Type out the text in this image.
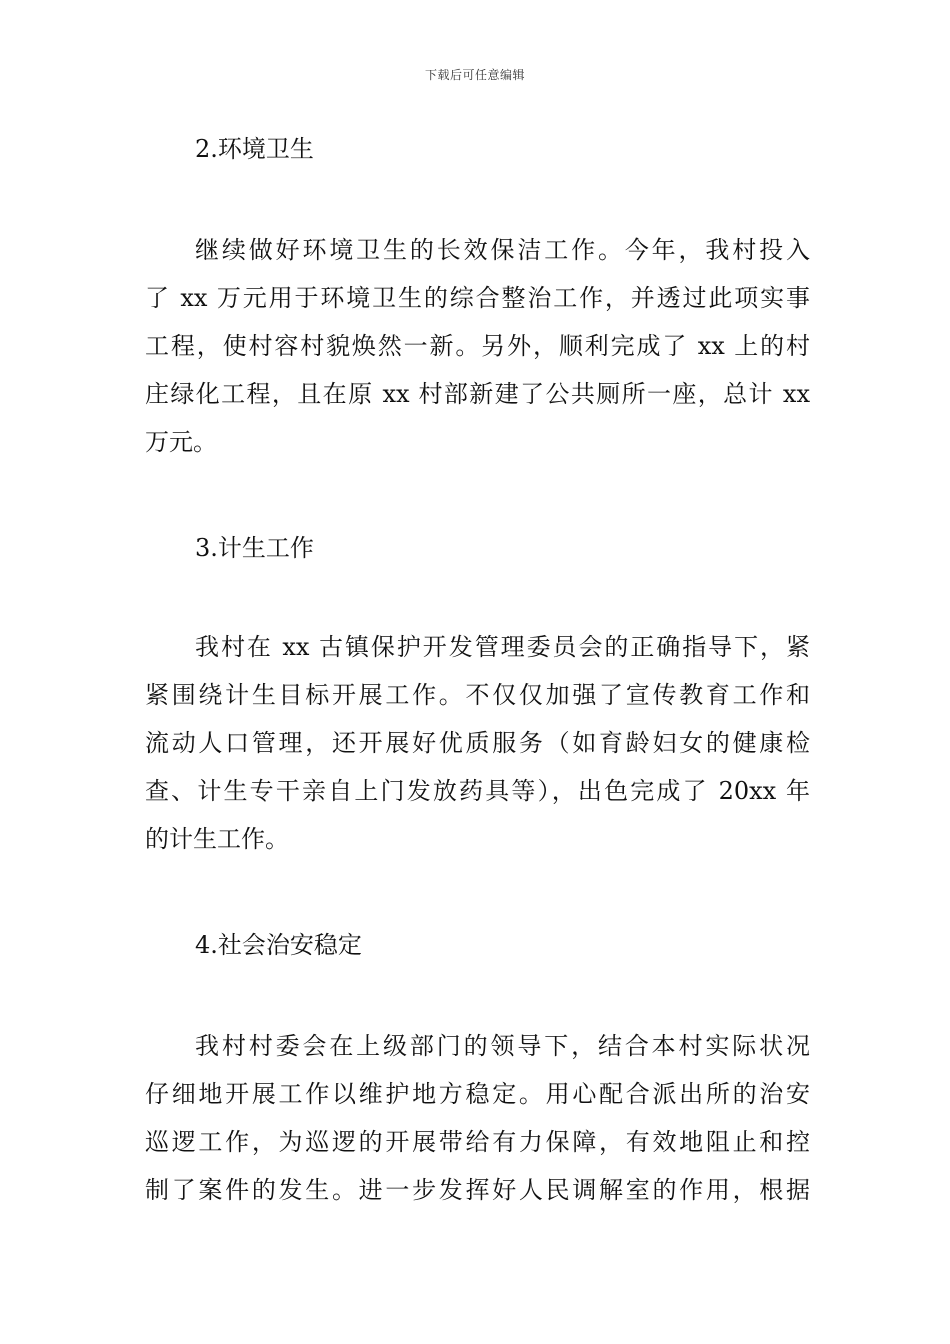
下载后可任意编辑
2.环境卫生
继续做好环境卫生的长效保洁工作。今年，我村投入
了 xx 万元用于环境卫生的综合整治工作，并透过此项实事
工程，使村容村貌焕然一新。另外，顺利完成了 xx 上的村
庄绿化工程，且在原 xx 村部新建了公共厕所一座，总计 xx
万元。
3.计生工作
我村在 xx 古镇保护开发管理委员会的正确指导下，紧
紧围绕计生目标开展工作。不仅仅加强了宣传教育工作和
流动人口管理，还开展好优质服务（如育龄妇女的健康检
查、计生专干亲自上门发放药具等），出色完成了 20xx 年
的计生工作。
4.社会治安稳定
我村村委会在上级部门的领导下，结合本村实际状况
仔细地开展工作以维护地方稳定。用心配合派出所的治安
巡逻工作，为巡逻的开展带给有力保障，有效地阻止和控
制了案件的发生。进一步发挥好人民调解室的作用，根据
